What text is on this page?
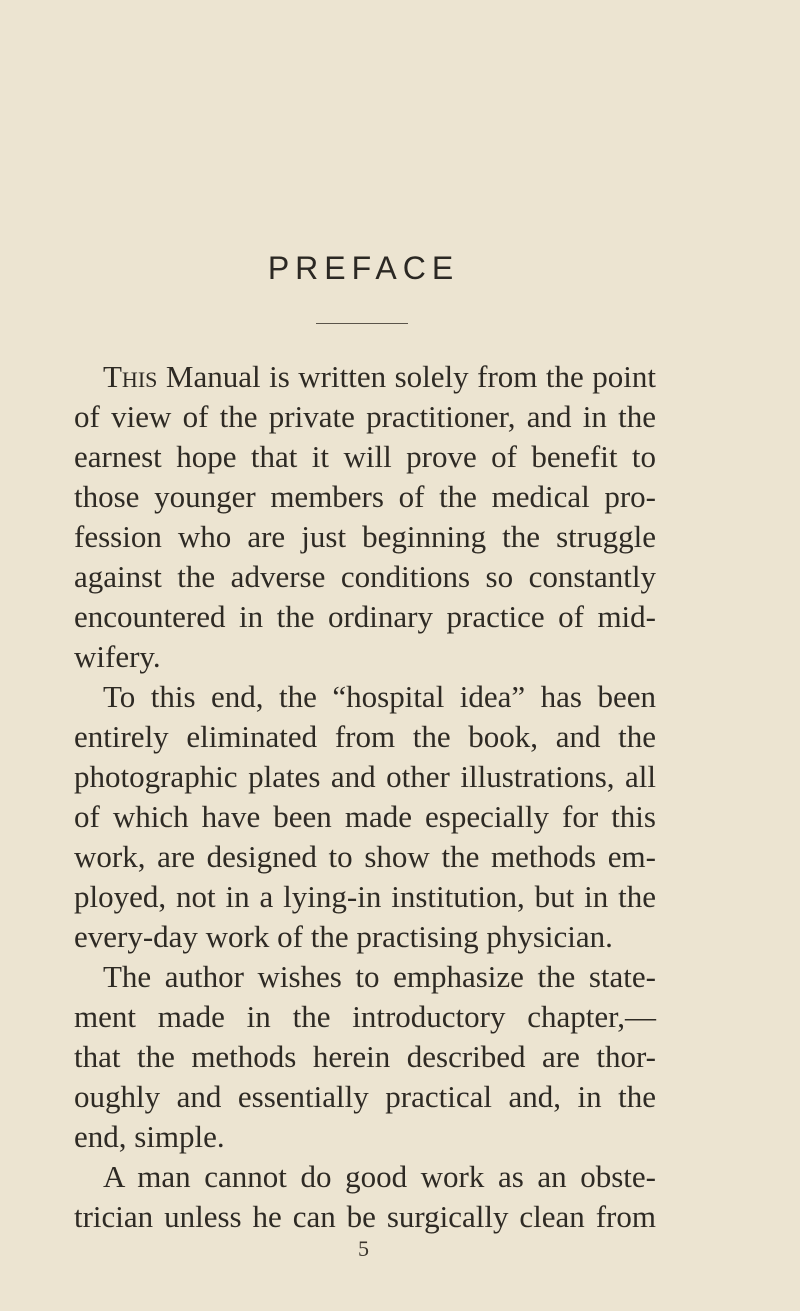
PREFACE
This Manual is written solely from the point
of view of the private practitioner, and in the
earnest hope that it will prove of benefit to
those younger members of the medical pro-
fession who are just beginning the struggle
against the adverse conditions so constantly
encountered in the ordinary practice of mid-
wifery.
To this end, the “hospital idea” has been
entirely eliminated from the book, and the
photographic plates and other illustrations, all
of which have been made especially for this
work, are designed to show the methods em-
ployed, not in a lying-in institution, but in the
every-day work of the practising physician.
The author wishes to emphasize the state-
ment made in the introductory chapter,—
that the methods herein described are thor-
oughly and essentially practical and, in the
end, simple.
A man cannot do good work as an obste-
trician unless he can be surgically clean from
5
